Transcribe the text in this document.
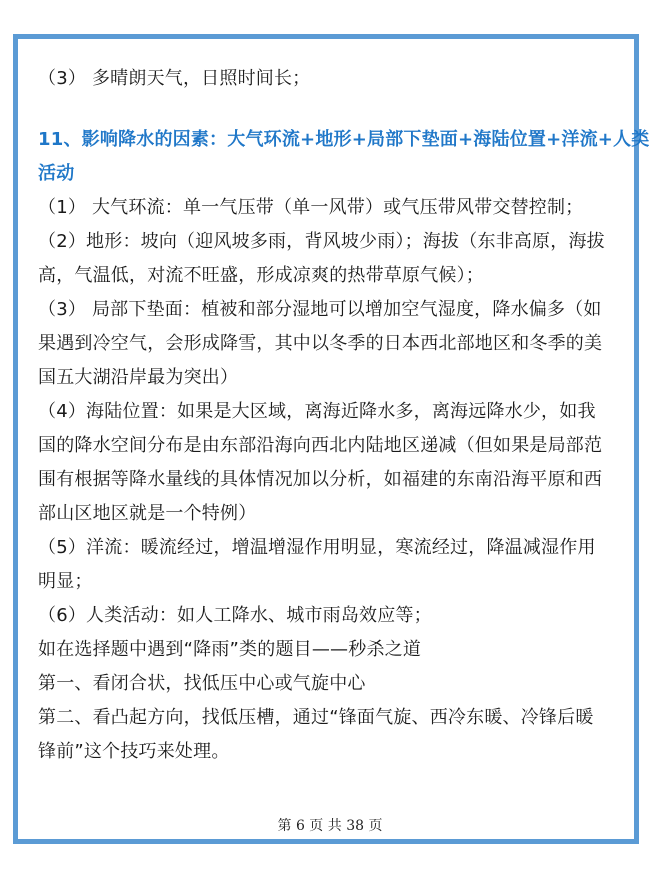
（3） 多晴朗天气，日照时间长；
11、影响降水的因素：大气环流+地形+局部下垫面+海陆位置+洋流+人类
活动
（1） 大气环流：单一气压带（单一风带）或气压带风带交替控制；
（2）地形：坡向（迎风坡多雨，背风坡少雨）；海拔（东非高原，海拔
高，气温低，对流不旺盛，形成凉爽的热带草原气候）；
（3） 局部下垫面：植被和部分湿地可以增加空气湿度，降水偏多（如
果遇到冷空气，会形成降雪，其中以冬季的日本西北部地区和冬季的美
国五大湖沿岸最为突出）
（4）海陆位置：如果是大区域，离海近降水多，离海远降水少，如我
国的降水空间分布是由东部沿海向西北内陆地区递减（但如果是局部范
围有根据等降水量线的具体情况加以分析，如福建的东南沿海平原和西
部山区地区就是一个特例）
（5）洋流：暖流经过，增温增湿作用明显，寒流经过，降温减湿作用
明显；
（6）人类活动：如人工降水、城市雨岛效应等；
如在选择题中遇到“降雨”类的题目——秒杀之道
第一、看闭合状，找低压中心或气旋中心
第二、看凸起方向，找低压槽，通过“锋面气旋、西冷东暖、冷锋后暖
锋前”这个技巧来处理。
第 6 页 共 38 页
